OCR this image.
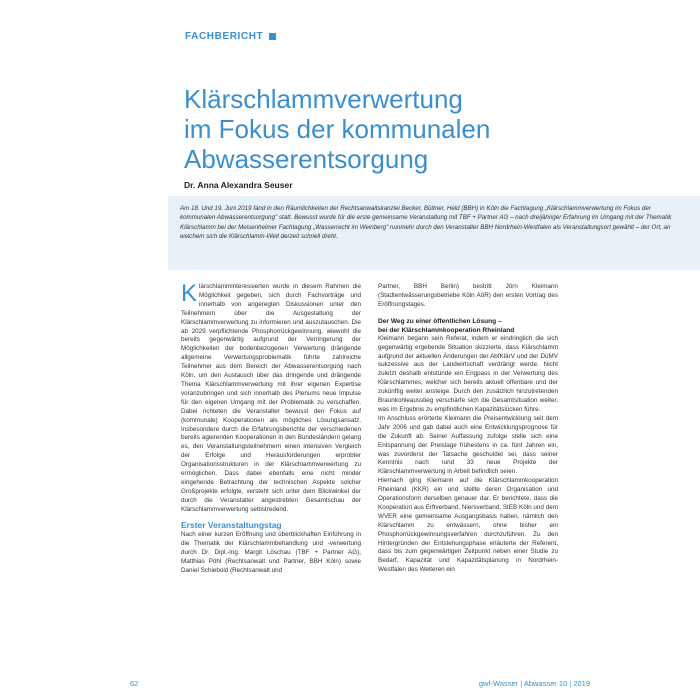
FACHBERICHT
Klärschlammverwertung
im Fokus der kommunalen
Abwasserentsorgung
Dr. Anna Alexandra Seuser

Am 18. Und 19. Juni 2019 fand in den Räumlichkeiten der Rechtsanwaltskanzlei Becker, Büttner, Held (BBH) in Köln die Fachtagung „Klärschlammverwertung im Fokus der kommunalen Abwasserentsorgung" statt. Bewusst wurde für die erste gemeinsame Veranstaltung mit TBF + Partner AG – nach dreijähriger Erfahrung im Umgang mit der Thematik Klärschlamm bei der Meisenheimer Fachtagung „Wasserrecht im Weinberg" nunmehr durch den Veranstalter BBH Nordrhein-Westfalen als Veranstaltungsort gewählt – der Ort, an welchem sich die Klärschlamm-Welt derzeit schnell dreht.

Klärschlamminteressierten wurde in diesem Rahmen die Möglichkeit gegeben, sich durch Fachvorträge und innerhalb von angeregten Diskussionen unter den Teilnehmern über die Ausgestaltung der Klärschlammverwertung zu informieren und auszutauschen. Die ab 2029 verpflichtende Phosphorrückgewinnung, wiewohl die bereits gegenwärtig aufgrund der Verringerung der Möglichkeiten der bodenbezogenen Verwertung drängende allgemeine Verwertungsproblematik führte zahlreiche Teilnehmer aus dem Bereich der Abwasserentsorgung nach Köln, um den Austausch über das dringende und drängende Thema Klärschlammverwertung mit ihrer eigenen Expertise voranzubringen und sich innerhalb des Plenums neue Impulse für den eigenen Umgang mit der Problematik zu verschaffen. Dabei richteten die Veranstalter bewusst den Fokus auf (kommunale) Kooperationen als mögliches Lösungsansatz. Insbesondere durch die Erfahrungsberichte der verschiedenen bereits agierenden Kooperationen in den Bundesländern gelang es, den Veranstaltungsteilnehmern einen intensiven Vergleich der Erfolge und Herausforderungen erprobter Organisationsstrukturen in der Klärschlammverwertung zu ermöglichen. Dass dabei ebenfalls eine nicht minder eingehende Betrachtung der technischen Aspekte solcher Großprojekte erfolgte, versteht sich unter dem Blickwinkel der durch die Veranstalter angestrebten Gesamtschau der Klärschlammverwertung selbstredend.

Erster Veranstaltungstag

Nach einer kurzen Eröffnung und überblickhaften Einführung in die Thematik der Klärschlammbehandlung und -verwertung durch Dr. Dipl.-Ing. Margit Löschau (TBF + Partner AG), Matthias Pöhl (Rechtsanwalt und Partner, BBH Köln) sowie Daniel Schiebold (Rechtsanwalt und

Partner, BBH Berlin) bestritt Jörn Kleimann (Stadtentwässerungsbetriebe Köln AöR) den ersten Vortrag des Eröffnungstages.

Der Weg zu einer öffentlichen Lösung –
bei der Klärschlammkooperation Rheinland

Kleimann begann sein Referat, indem er eindringlich die sich gegenwärtig ergebende Situation skizzierte, dass Klärschlamm aufgrund der aktuellen Änderungen der AbfKlärV und der DüMV sukzessive aus der Landwirtschaft verdrängt werde. Nicht zuletzt deshalb entstünde ein Engpass in der Verwertung des Klärschlammes, welcher sich bereits aktuell offenbare und der zukünftig weiter ansteige. Durch den zusätzlich hinzutretenden Braunkohleausstieg verschärfe sich die Gesamtsituation weiter, was im Ergebnis zu empfindlichen Kapazitätslücken führe.

Im Anschluss erörterte Kleimann die Preisentwicklung seit dem Jahr 2006 und gab dabei auch eine Entwicklungsprognose für die Zukunft ab. Seiner Auffassung zufolge stelle sich eine Entspannung der Preislage frühestens in ca. fünf Jahren ein, was zuvorderst der Tatsache geschuldet sei, dass seiner Kenntnis nach rund 33 neue Projekte der Klärschlammverwertung in Arbeit befindlich seien.

Hiernach ging Kleimann auf die Klärschlammkooperation Rheinland (KKR) ein und stellte deren Organisation und Operationsform derselben genauer dar. Er berichtete, dass die Kooperation aus Erftverband, Niersverband, StEB Köln und dem WVER eine gemeinsame Ausgangsbasis haben, nämlich den Klärschlamm zu entwässern, ohne bisher ein Phosphorrückgewinnungsverfahren durchzuführen. Zu den Hintergründen der Entstehungsphase erläuterte der Referent, dass bis zum gegenwärtigen Zeitpunkt neben einer Studie zu Bedarf, Kapazität und Kapazitätsplanung in Nordrhein-Westfalen des Weiteren ein

62	gwf-Wasser | Abwasser 10 | 2019
